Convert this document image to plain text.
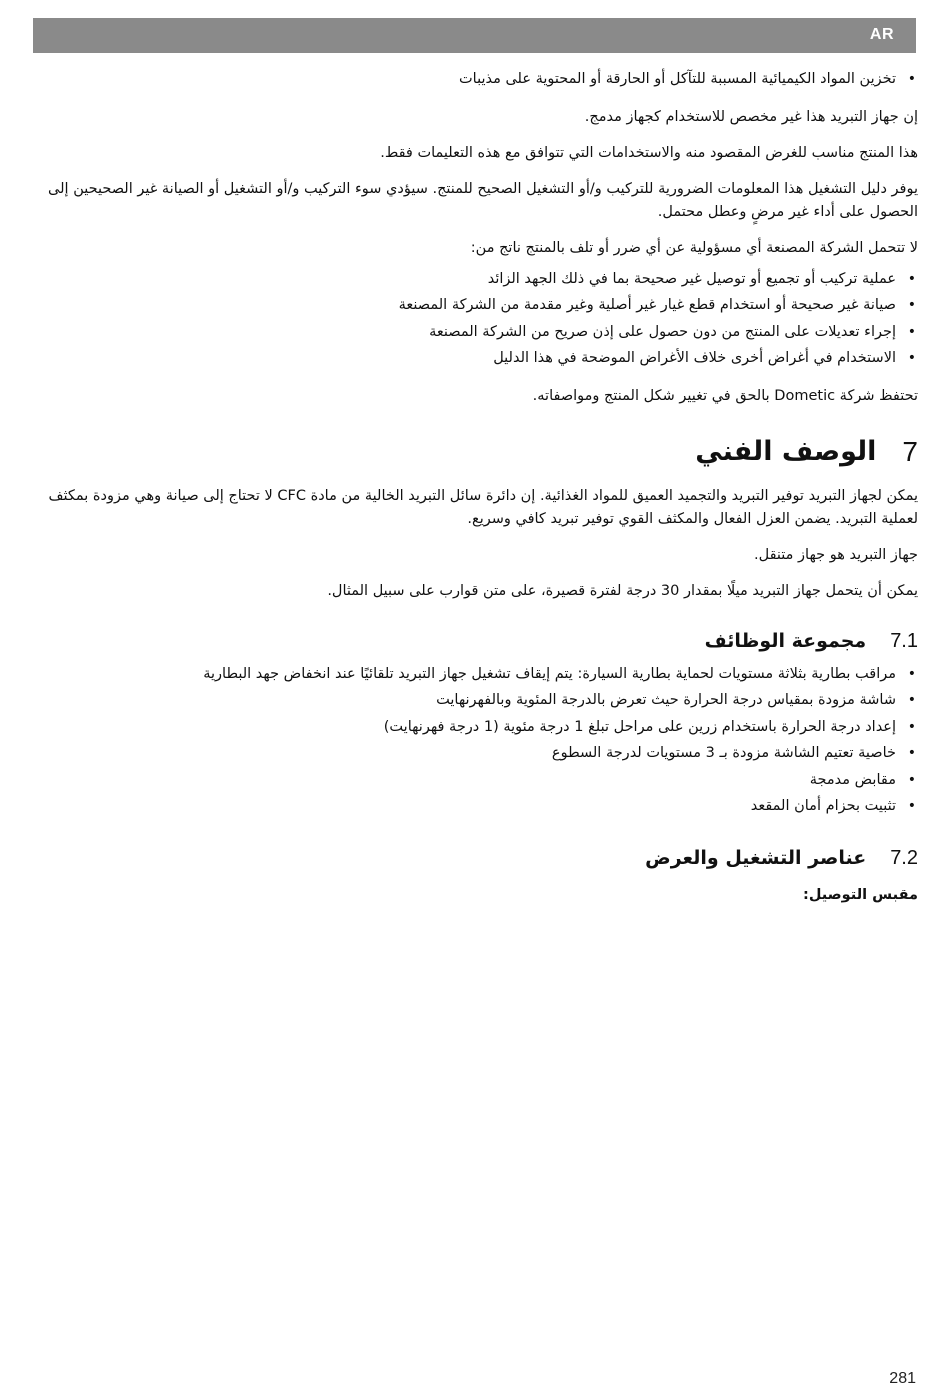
AR
• تخزين المواد الكيميائية المسببة للتآكل أو الحارقة أو المحتوية على مذيبات

إن جهاز التبريد هذا غير مخصص للاستخدام كجهاز مدمج.

هذا المنتج مناسب للغرض المقصود منه والاستخدامات التي تتوافق مع هذه التعليمات فقط.

يوفر دليل التشغيل هذا المعلومات الضرورية للتركيب و/أو التشغيل الصحيح للمنتج. سيؤدي سوء التركيب و/أو التشغيل أو الصيانة غير الصحيحين إلى الحصول على أداء غير مرضٍ وعطل محتمل.

لا تتحمل الشركة المصنعة أي مسؤولية عن أي ضرر أو تلف بالمنتج ناتج من:

• عملية تركيب أو تجميع أو توصيل غير صحيحة بما في ذلك الجهد الزائد
• صيانة غير صحيحة أو استخدام قطع غيار غير أصلية وغير مقدمة من الشركة المصنعة
• إجراء تعديلات على المنتج من دون حصول على إذن صريح من الشركة المصنعة
• الاستخدام في أغراض أخرى خلاف الأغراض الموضحة في هذا الدليل

تحتفظ شركة Dometic بالحق في تغيير شكل المنتج ومواصفاته.

7
الوصف الفني

يمكن لجهاز التبريد توفير التبريد والتجميد العميق للمواد الغذائية. إن دائرة سائل التبريد الخالية من مادة CFC لا تحتاج إلى صيانة وهي مزودة بمكثف لعملية التبريد. يضمن العزل الفعال والمكثف القوي توفير تبريد كافي وسريع.

جهاز التبريد هو جهاز متنقل.

يمكن أن يتحمل جهاز التبريد ميلًا بمقدار 30 درجة لفترة قصيرة، على متن قوارب على سبيل المثال.

7.1
مجموعة الوظائف
• مراقب بطارية بثلاثة مستويات لحماية بطارية السيارة: يتم إيقاف تشغيل جهاز التبريد تلقائيًا عند انخفاض جهد البطارية
• شاشة مزودة بمقياس درجة الحرارة حيث تعرض بالدرجة المئوية وبالفهرنهايت
• إعداد درجة الحرارة باستخدام زرين على مراحل تبلغ 1 درجة مئوية (1 درجة فهرنهايت)
• خاصية تعتيم الشاشة مزودة بـ 3 مستويات لدرجة السطوع
• مقابض مدمجة
• تثبيت بحزام أمان المقعد
7.2
عناصر التشغيل والعرض

مقبس التوصيل:

281
